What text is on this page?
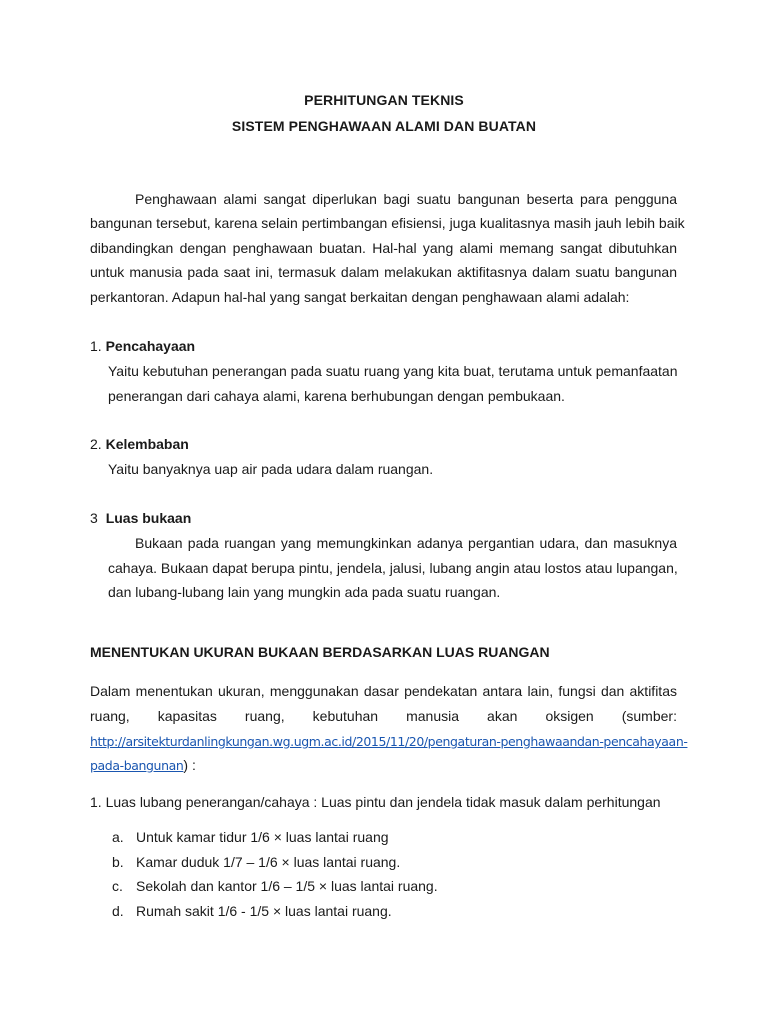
PERHITUNGAN TEKNIS
SISTEM PENGHAWAAN ALAMI DAN BUATAN
Penghawaan alami sangat diperlukan bagi suatu bangunan beserta para pengguna
bangunan tersebut, karena selain pertimbangan efisiensi, juga kualitasnya masih jauh lebih baik
dibandingkan dengan penghawaan buatan. Hal-hal yang alami memang sangat dibutuhkan
untuk manusia pada saat ini, termasuk dalam melakukan aktifitasnya dalam suatu bangunan
perkantoran. Adapun hal-hal yang sangat berkaitan dengan penghawaan alami adalah:
1. Pencahayaan
Yaitu kebutuhan penerangan pada suatu ruang yang kita buat, terutama untuk pemanfaatan
penerangan dari cahaya alami, karena berhubungan dengan pembukaan.
2. Kelembaban
Yaitu banyaknya uap air pada udara dalam ruangan.
3 Luas bukaan
Bukaan pada ruangan yang memungkinkan adanya pergantian udara, dan masuknya
cahaya. Bukaan dapat berupa pintu, jendela, jalusi, lubang angin atau lostos atau lupangan,
dan lubang-lubang lain yang mungkin ada pada suatu ruangan.
MENENTUKAN UKURAN BUKAAN BERDASARKAN LUAS RUANGAN
Dalam menentukan ukuran, menggunakan dasar pendekatan antara lain, fungsi dan aktifitas
ruang, kapasitas ruang, kebutuhan manusia akan oksigen (sumber:
http://arsitekturdanlingkungan.wg.ugm.ac.id/2015/11/20/pengaturan-penghawaandan-pencahayaan-
pada-bangunan) :
1. Luas lubang penerangan/cahaya : Luas pintu dan jendela tidak masuk dalam perhitungan
a. Untuk kamar tidur 1/6 × luas lantai ruang
b. Kamar duduk 1/7 – 1/6 × luas lantai ruang.
c. Sekolah dan kantor 1/6 – 1/5 × luas lantai ruang.
d. Rumah sakit 1/6 - 1/5 × luas lantai ruang.
